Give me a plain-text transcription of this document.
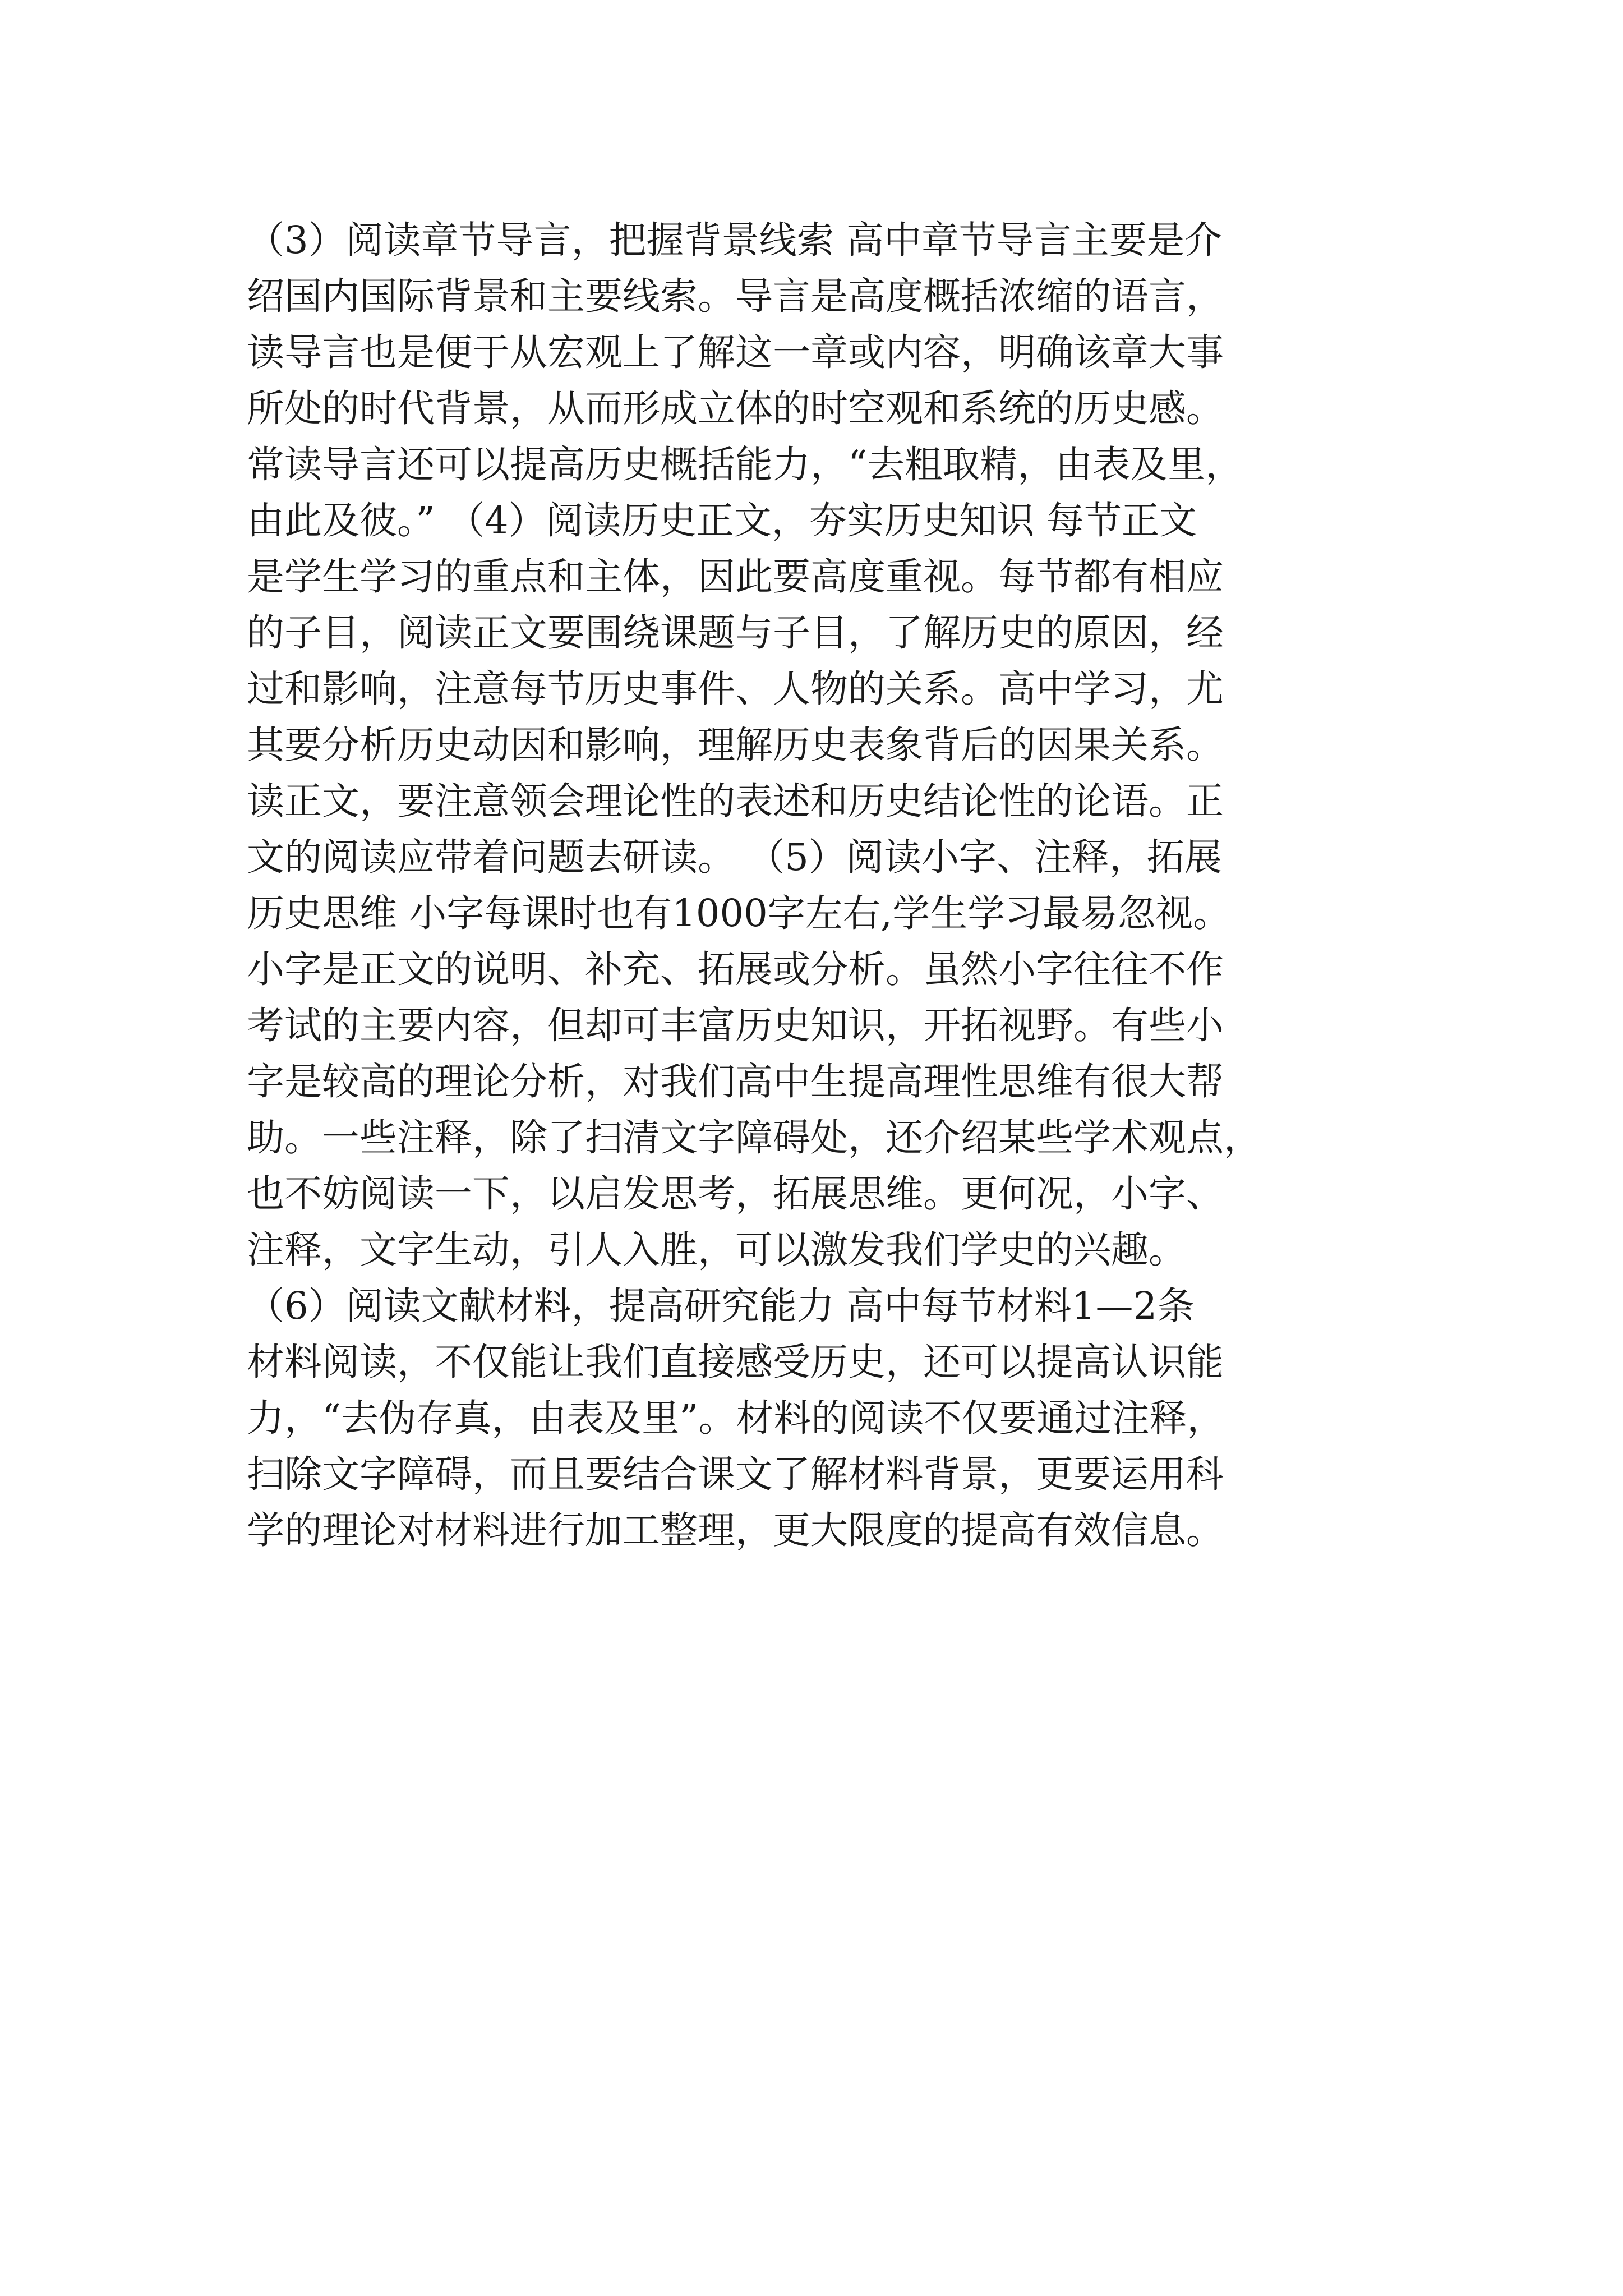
（3）阅读章节导言，把握背景线索 高中章节导言主要是介
绍国内国际背景和主要线索。导言是高度概括浓缩的语言，
读导言也是便于从宏观上了解这一章或内容，明确该章大事
所处的时代背景，从而形成立体的时空观和系统的历史感。
常读导言还可以提高历史概括能力，“去粗取精，由表及里，
由此及彼。” （4）阅读历史正文，夯实历史知识 每节正文
是学生学习的重点和主体，因此要高度重视。每节都有相应
的子目，阅读正文要围绕课题与子目，了解历史的原因，经
过和影响，注意每节历史事件、人物的关系。高中学习，尤
其要分析历史动因和影响，理解历史表象背后的因果关系。
读正文，要注意领会理论性的表述和历史结论性的论语。正
文的阅读应带着问题去研读。 （5）阅读小字、注释，拓展
历史思维 小字每课时也有1000字左右,学生学习最易忽视。
小字是正文的说明、补充、拓展或分析。虽然小字往往不作
考试的主要内容，但却可丰富历史知识，开拓视野。有些小
字是较高的理论分析，对我们高中生提高理性思维有很大帮
助。一些注释，除了扫清文字障碍处，还介绍某些学术观点，
也不妨阅读一下，以启发思考，拓展思维。更何况，小字、
注释，文字生动，引人入胜，可以激发我们学史的兴趣。
（6）阅读文献材料，提高研究能力 高中每节材料1—2条
材料阅读，不仅能让我们直接感受历史，还可以提高认识能
力，“去伪存真，由表及里”。材料的阅读不仅要通过注释，
扫除文字障碍，而且要结合课文了解材料背景，更要运用科
学的理论对材料进行加工整理，更大限度的提高有效信息。
